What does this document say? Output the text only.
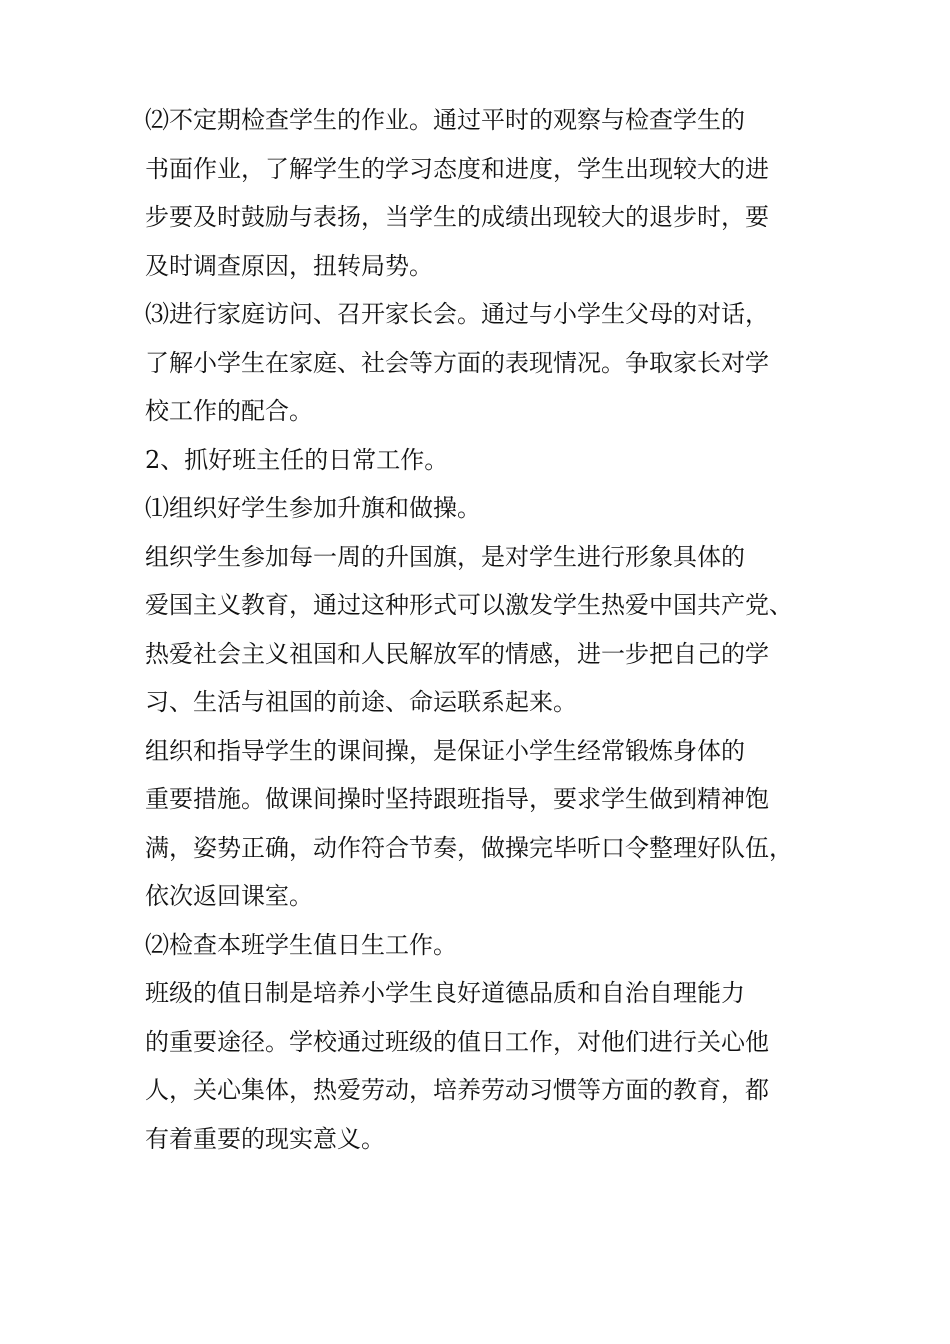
⑵不定期检查学生的作业。通过平时的观察与检查学生的
书面作业，了解学生的学习态度和进度，学生出现较大的进
步要及时鼓励与表扬，当学生的成绩出现较大的退步时，要
及时调查原因，扭转局势。
⑶进行家庭访问、召开家长会。通过与小学生父母的对话，
了解小学生在家庭、社会等方面的表现情况。争取家长对学
校工作的配合。
2、抓好班主任的日常工作。
⑴组织好学生参加升旗和做操。
组织学生参加每一周的升国旗，是对学生进行形象具体的
爱国主义教育，通过这种形式可以激发学生热爱中国共产党、
热爱社会主义祖国和人民解放军的情感，进一步把自己的学
习、生活与祖国的前途、命运联系起来。
组织和指导学生的课间操，是保证小学生经常锻炼身体的
重要措施。做课间操时坚持跟班指导，要求学生做到精神饱
满，姿势正确，动作符合节奏，做操完毕听口令整理好队伍，
依次返回课室。
⑵检查本班学生值日生工作。
班级的值日制是培养小学生良好道德品质和自治自理能力
的重要途径。学校通过班级的值日工作，对他们进行关心他
人，关心集体，热爱劳动，培养劳动习惯等方面的教育，都
有着重要的现实意义。
